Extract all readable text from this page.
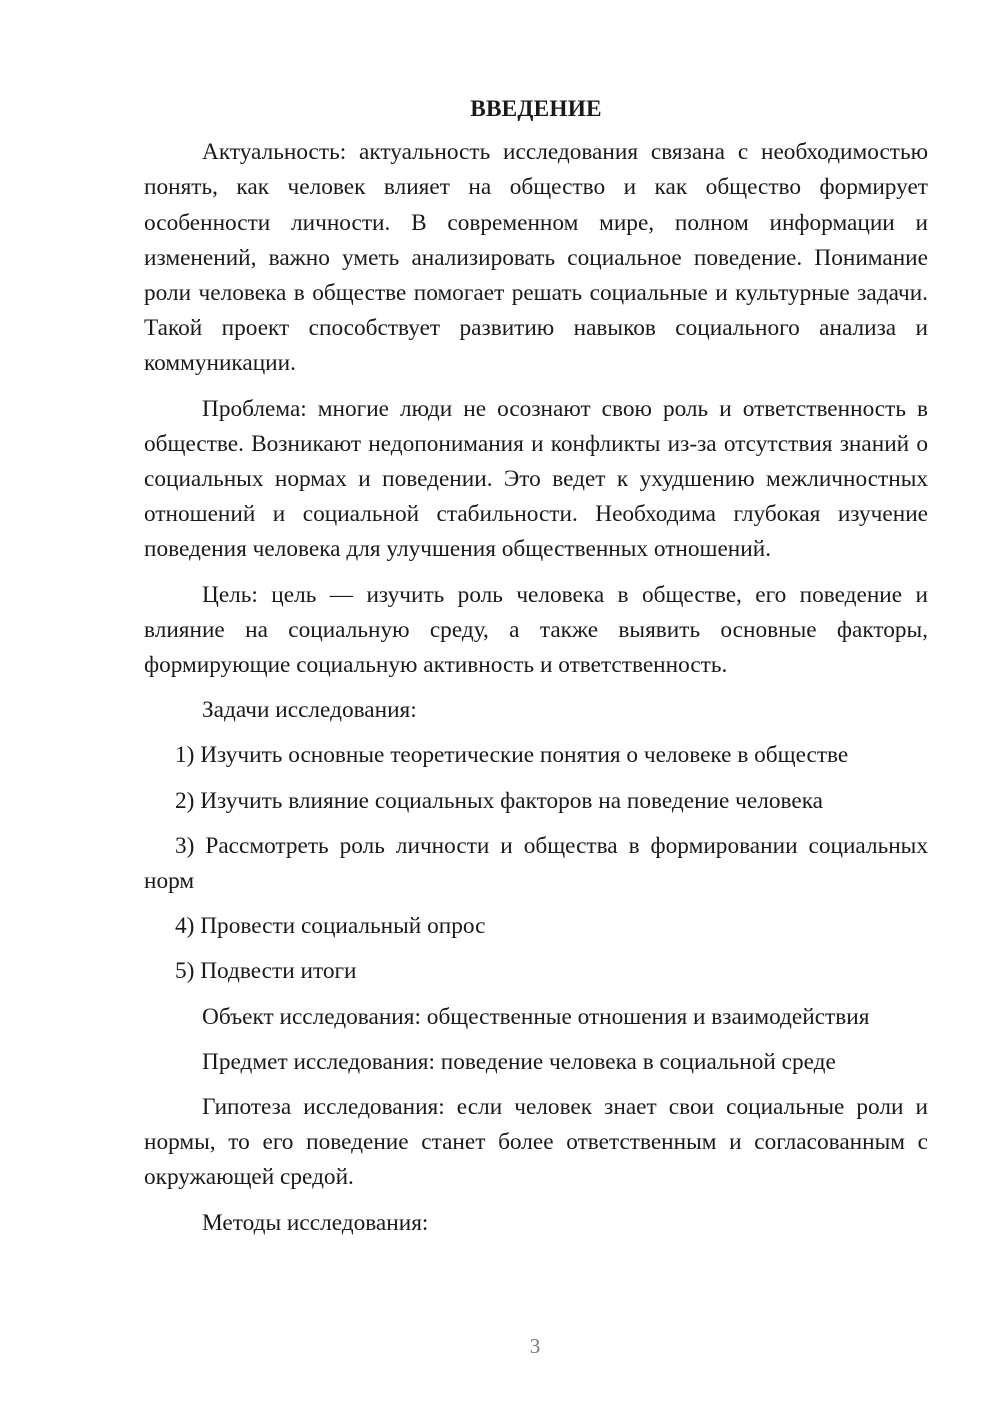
ВВЕДЕНИЕ

Актуальность: актуальность исследования связана с необходимостью понять, как человек влияет на общество и как общество формирует особенности личности. В современном мире, полном информации и изменений, важно уметь анализировать социальное поведение. Понимание роли человека в обществе помогает решать социальные и культурные задачи. Такой проект способствует развитию навыков социального анализа и коммуникации.

Проблема: многие люди не осознают свою роль и ответственность в обществе. Возникают недопонимания и конфликты из-за отсутствия знаний о социальных нормах и поведении. Это ведет к ухудшению межличностных отношений и социальной стабильности. Необходима глубокая изучение поведения человека для улучшения общественных отношений.

Цель: цель — изучить роль человека в обществе, его поведение и влияние на социальную среду, а также выявить основные факторы, формирующие социальную активность и ответственность.

Задачи исследования:

1) Изучить основные теоретические понятия о человеке в обществе

2) Изучить влияние социальных факторов на поведение человека

3) Рассмотреть роль личности и общества в формировании социальных норм

4) Провести социальный опрос

5) Подвести итоги

Объект исследования: общественные отношения и взаимодействия

Предмет исследования: поведение человека в социальной среде

Гипотеза исследования: если человек знает свои социальные роли и нормы, то его поведение станет более ответственным и согласованным с окружающей средой.

Методы исследования:

3
